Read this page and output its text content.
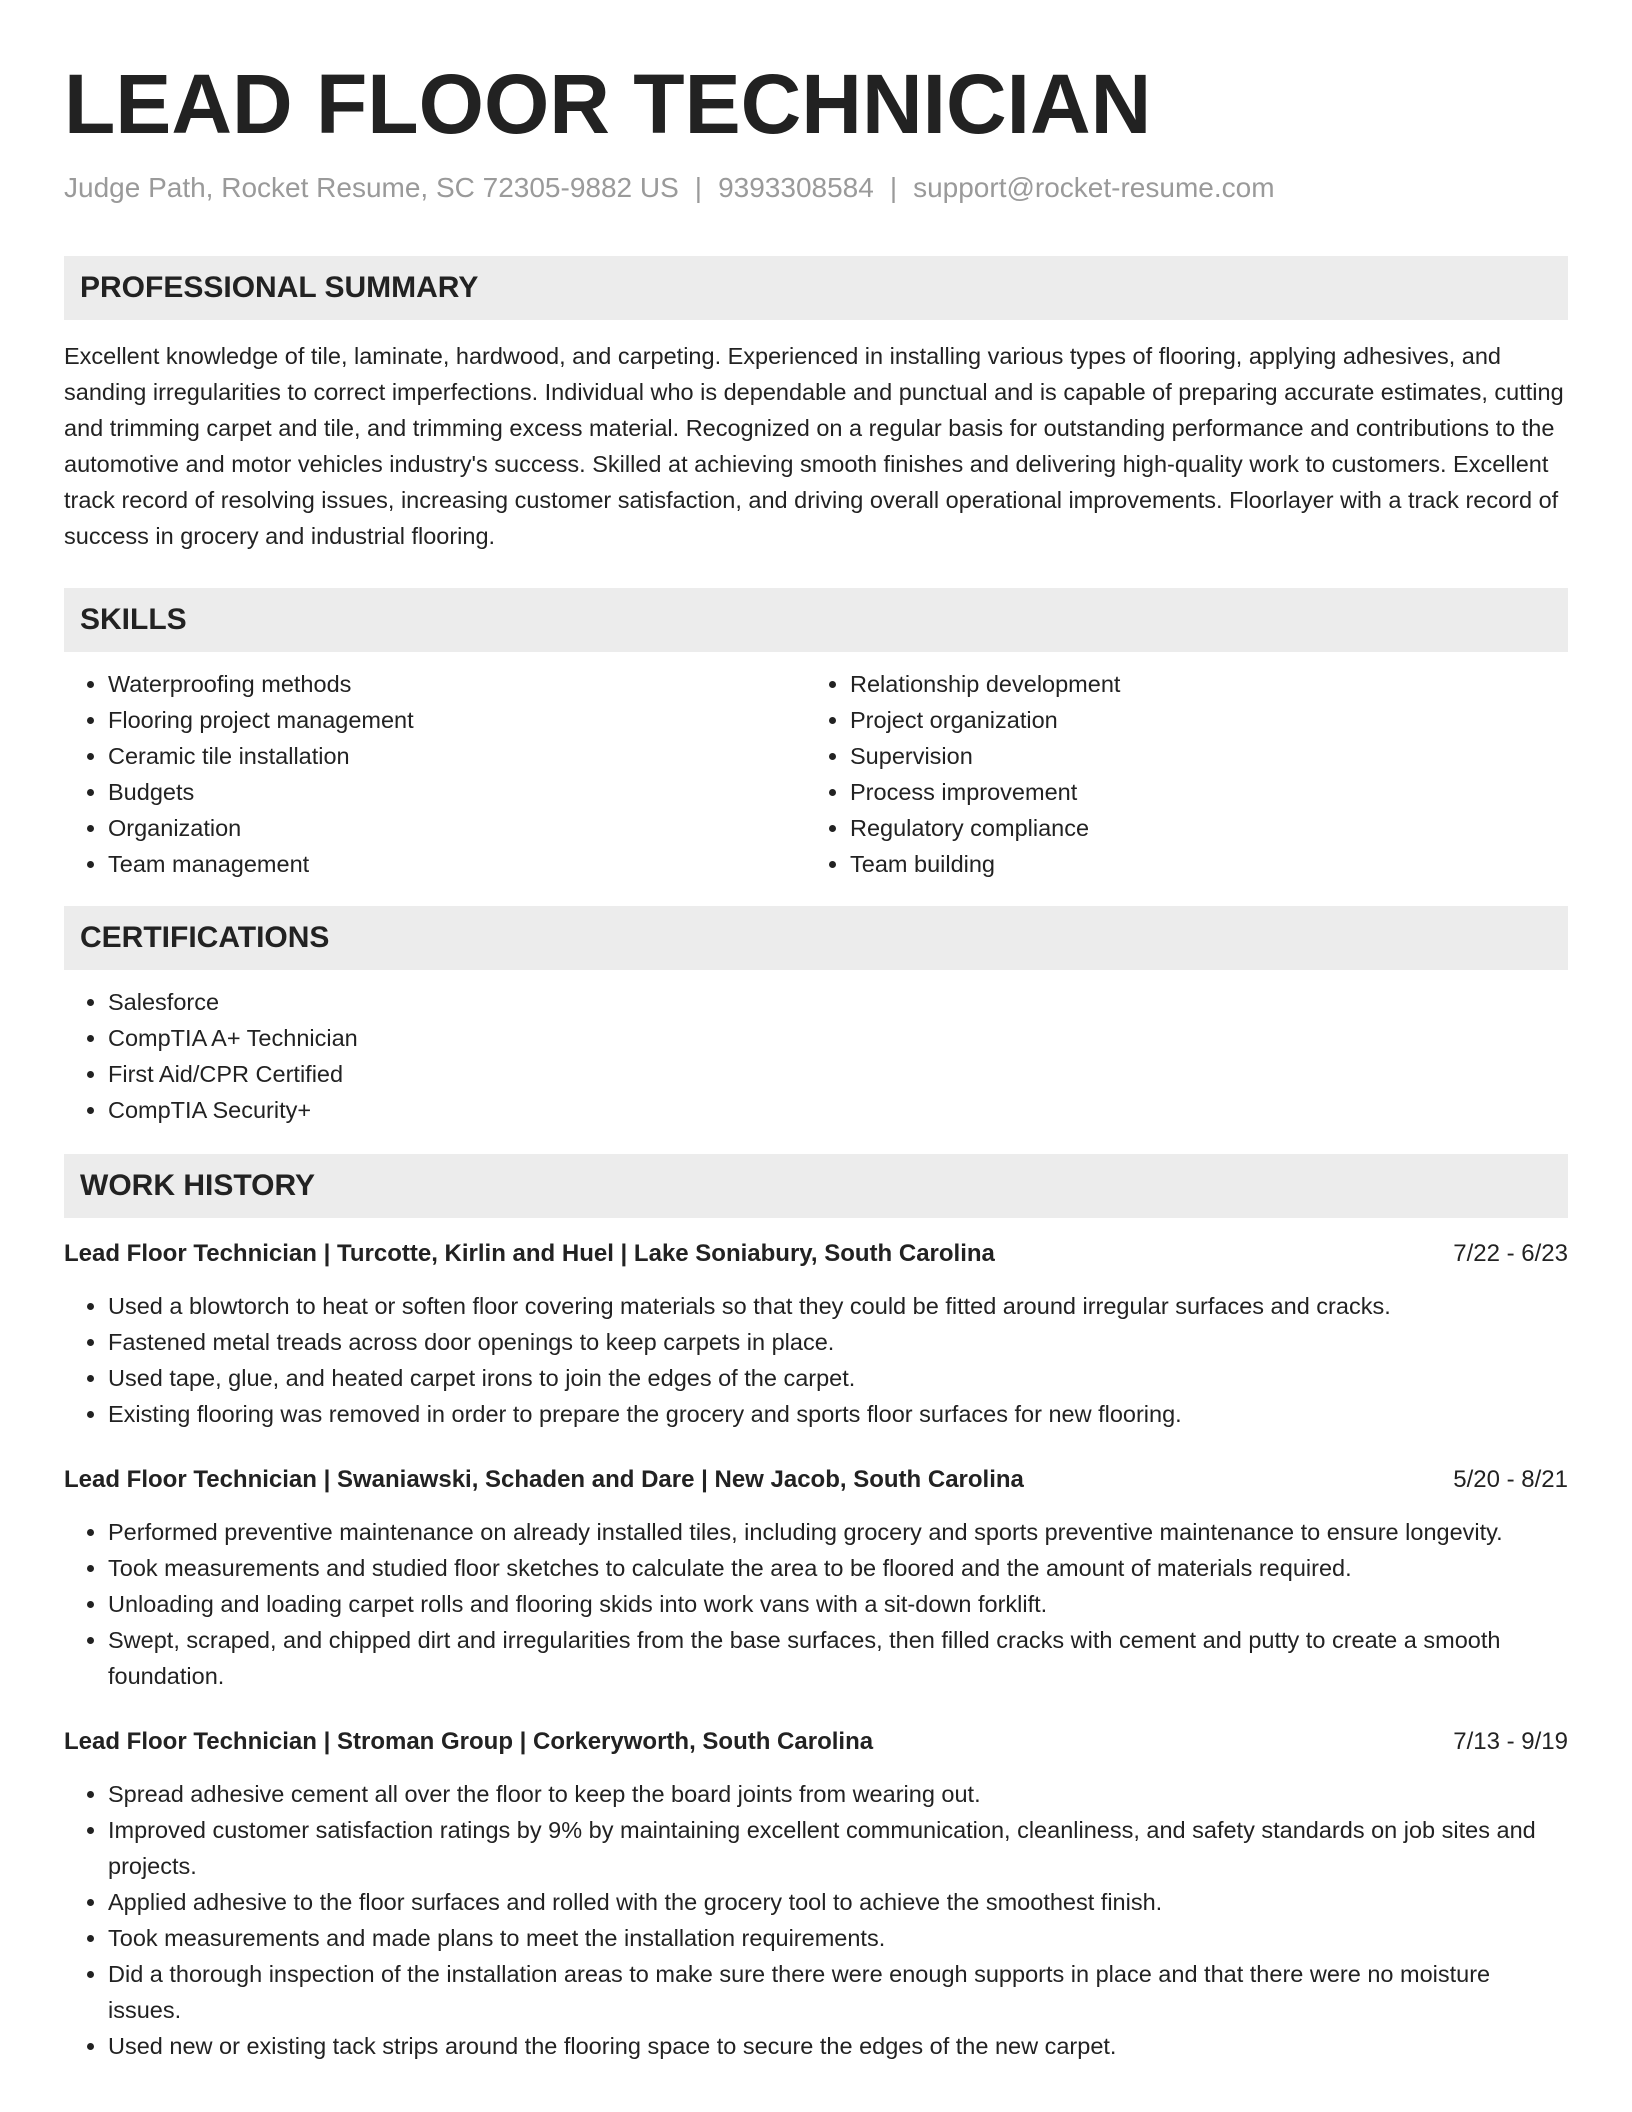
LEAD FLOOR TECHNICIAN
Judge Path, Rocket Resume, SC 72305-9882 US | 9393308584 | support@rocket-resume.com
PROFESSIONAL SUMMARY

Excellent knowledge of tile, laminate, hardwood, and carpeting. Experienced in installing various types of flooring, applying adhesives, and sanding irregularities to correct imperfections. Individual who is dependable and punctual and is capable of preparing accurate estimates, cutting and trimming carpet and tile, and trimming excess material. Recognized on a regular basis for outstanding performance and contributions to the automotive and motor vehicles industry's success. Skilled at achieving smooth finishes and delivering high-quality work to customers. Excellent track record of resolving issues, increasing customer satisfaction, and driving overall operational improvements. Floorlayer with a track record of success in grocery and industrial flooring.

SKILLS
• Waterproofing methods
• Flooring project management
• Ceramic tile installation
• Budgets
• Organization
• Team management
• Relationship development
• Project organization
• Supervision
• Process improvement
• Regulatory compliance
• Team building
CERTIFICATIONS
• Salesforce
• CompTIA A+ Technician
• First Aid/CPR Certified
• CompTIA Security+
WORK HISTORY
Lead Floor Technician | Turcotte, Kirlin and Huel | Lake Soniabury, South Carolina	7/22 - 6/23
• Used a blowtorch to heat or soften floor covering materials so that they could be fitted around irregular surfaces and cracks.
• Fastened metal treads across door openings to keep carpets in place.
• Used tape, glue, and heated carpet irons to join the edges of the carpet.
• Existing flooring was removed in order to prepare the grocery and sports floor surfaces for new flooring.
Lead Floor Technician | Swaniawski, Schaden and Dare | New Jacob, South Carolina	5/20 - 8/21
• Performed preventive maintenance on already installed tiles, including grocery and sports preventive maintenance to ensure longevity.
• Took measurements and studied floor sketches to calculate the area to be floored and the amount of materials required.
• Unloading and loading carpet rolls and flooring skids into work vans with a sit-down forklift.
• Swept, scraped, and chipped dirt and irregularities from the base surfaces, then filled cracks with cement and putty to create a smooth foundation.
Lead Floor Technician | Stroman Group | Corkeryworth, South Carolina	7/13 - 9/19
• Spread adhesive cement all over the floor to keep the board joints from wearing out.
• Improved customer satisfaction ratings by 9% by maintaining excellent communication, cleanliness, and safety standards on job sites and projects.
• Applied adhesive to the floor surfaces and rolled with the grocery tool to achieve the smoothest finish.
• Took measurements and made plans to meet the installation requirements.
• Did a thorough inspection of the installation areas to make sure there were enough supports in place and that there were no moisture issues.
• Used new or existing tack strips around the flooring space to secure the edges of the new carpet.
